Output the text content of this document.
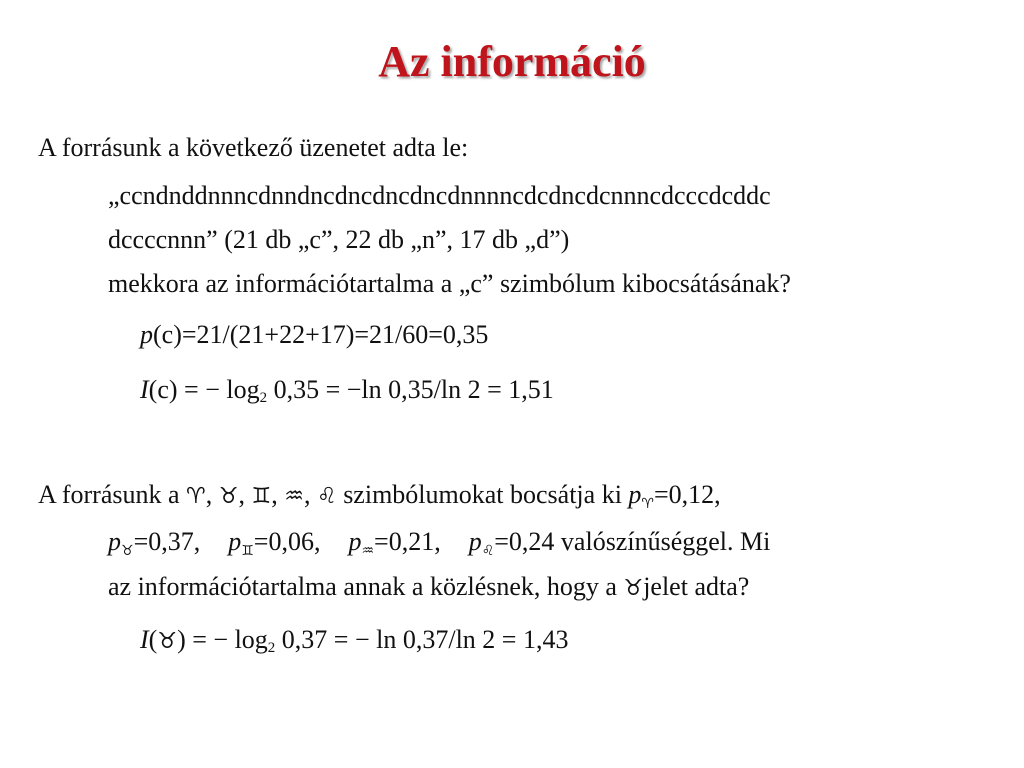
Az információ
A forrásunk a következő üzenetet adta le:
„ccndnddnnncdnndncdncdncdncdnnnncdcdncdcnnncdcccdcddc
dccccnnn” (21 db „c”, 22 db „n”, 17 db „d”)
mekkora az információtartalma a „c” szimbólum kibocsátásának?
p(c)=21/(21+22+17)=21/60=0,35
I(c) = − $\log_2 0,35 = -\ln$ 0,35/ln 2 = 1,51
A forrásunk a ♈, ♉, ♊, ♒, ♌ szimbólumokat bocsátja ki p♈=0,12,
p♉=0,37, p♊=0,06, p♒=0,21, p♌=0,24 valószínűséggel. Mi
az információtartalma annak a közlésnek, hogy a ♉jelet adta?
I(♉) = − $\log_2 0,37$ = − ln 0,37/ln 2 = 1,43
